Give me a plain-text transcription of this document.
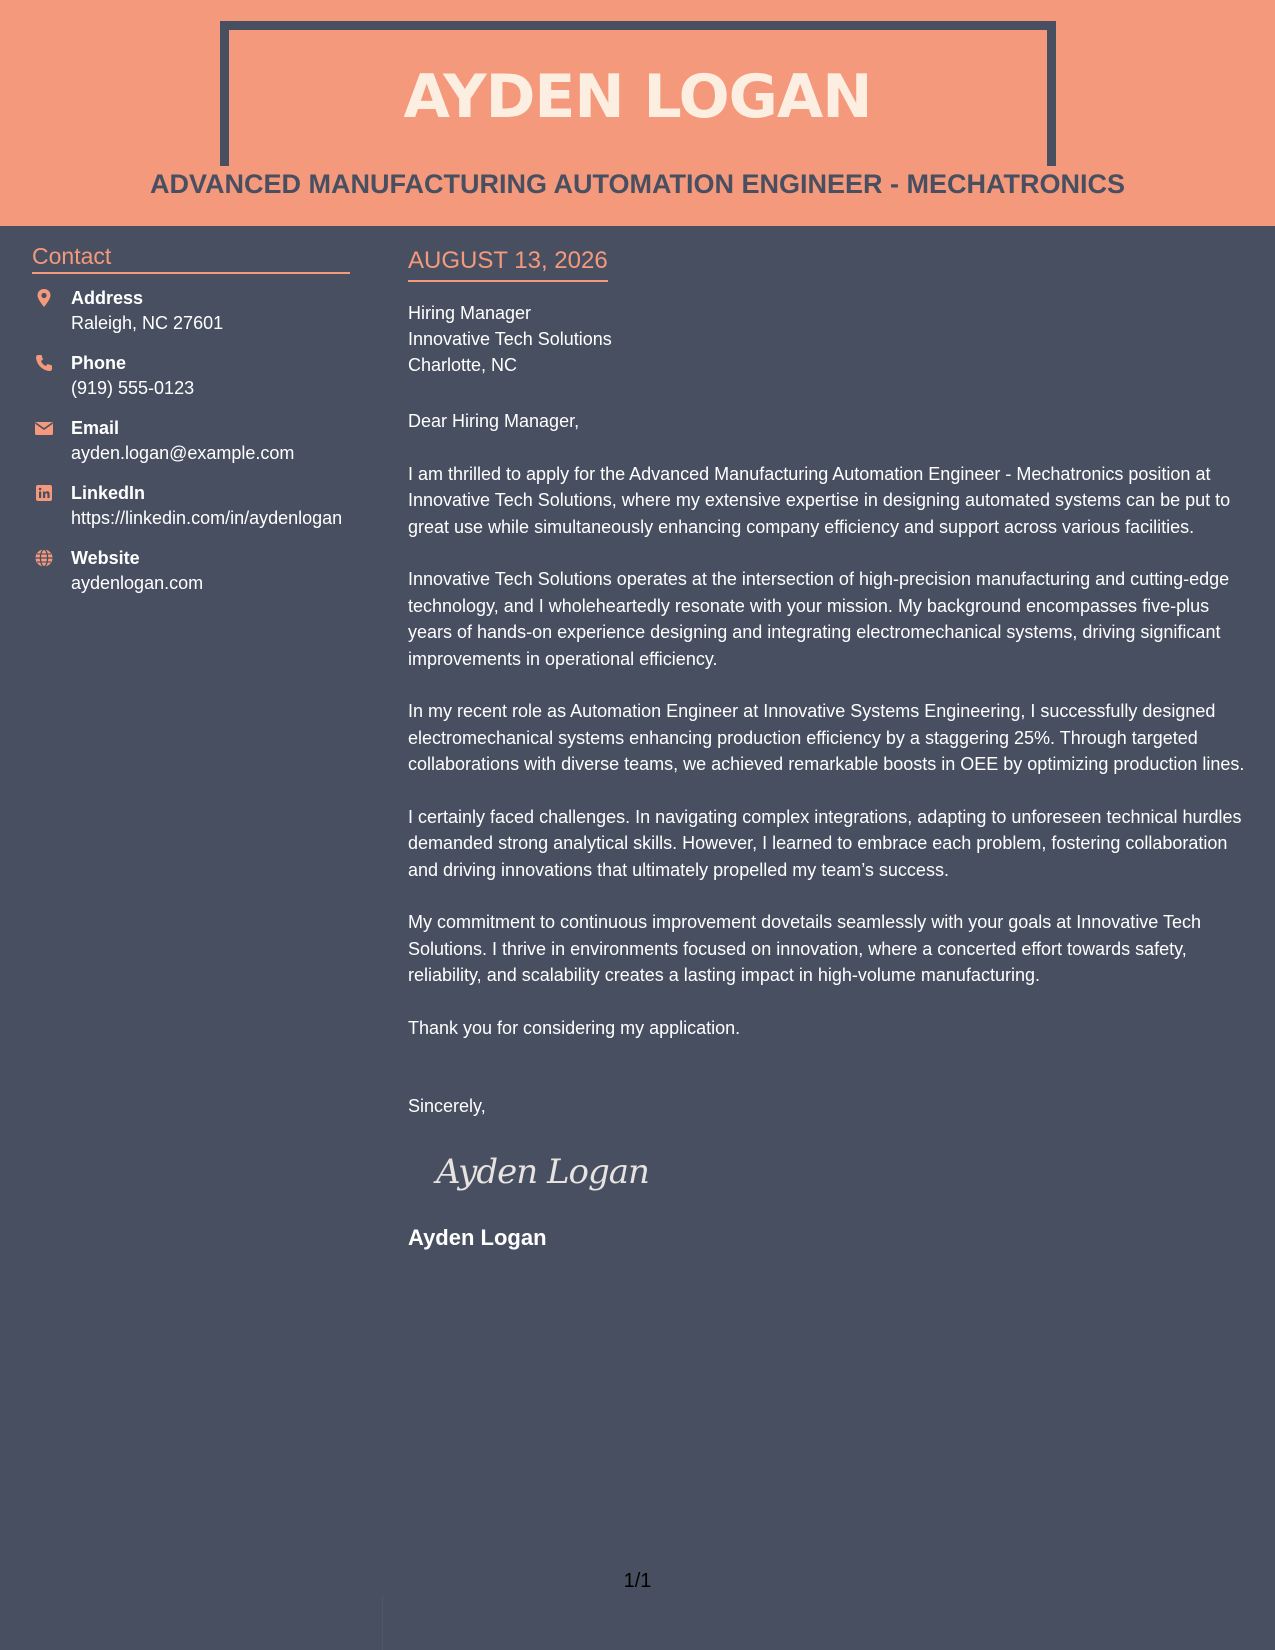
AYDEN LOGAN
ADVANCED MANUFACTURING AUTOMATION ENGINEER - MECHATRONICS
Contact
Address
Raleigh, NC 27601
Phone
(919) 555-0123
Email
ayden.logan@example.com
LinkedIn
https://linkedin.com/in/aydenlogan
Website
aydenlogan.com
AUGUST 13, 2026

Hiring Manager

Innovative Tech Solutions

Charlotte, NC

Dear Hiring Manager,

I am thrilled to apply for the Advanced Manufacturing Automation Engineer - Mechatronics position at Innovative Tech Solutions, where my extensive expertise in designing automated systems can be put to great use while simultaneously enhancing company efficiency and support across various facilities.

Innovative Tech Solutions operates at the intersection of high-precision manufacturing and cutting-edge technology, and I wholeheartedly resonate with your mission. My background encompasses five-plus years of hands-on experience designing and integrating electromechanical systems, driving significant improvements in operational efficiency.

In my recent role as Automation Engineer at Innovative Systems Engineering, I successfully designed electromechanical systems enhancing production efficiency by a staggering 25%. Through targeted collaborations with diverse teams, we achieved remarkable boosts in OEE by optimizing production lines.

I certainly faced challenges. In navigating complex integrations, adapting to unforeseen technical hurdles demanded strong analytical skills. However, I learned to embrace each problem, fostering collaboration and driving innovations that ultimately propelled my team’s success.

My commitment to continuous improvement dovetails seamlessly with your goals at Innovative Tech Solutions. I thrive in environments focused on innovation, where a concerted effort towards safety, reliability, and scalability creates a lasting impact in high-volume manufacturing.

Thank you for considering my application.

Sincerely,

Ayden Logan
Ayden Logan
1/1
